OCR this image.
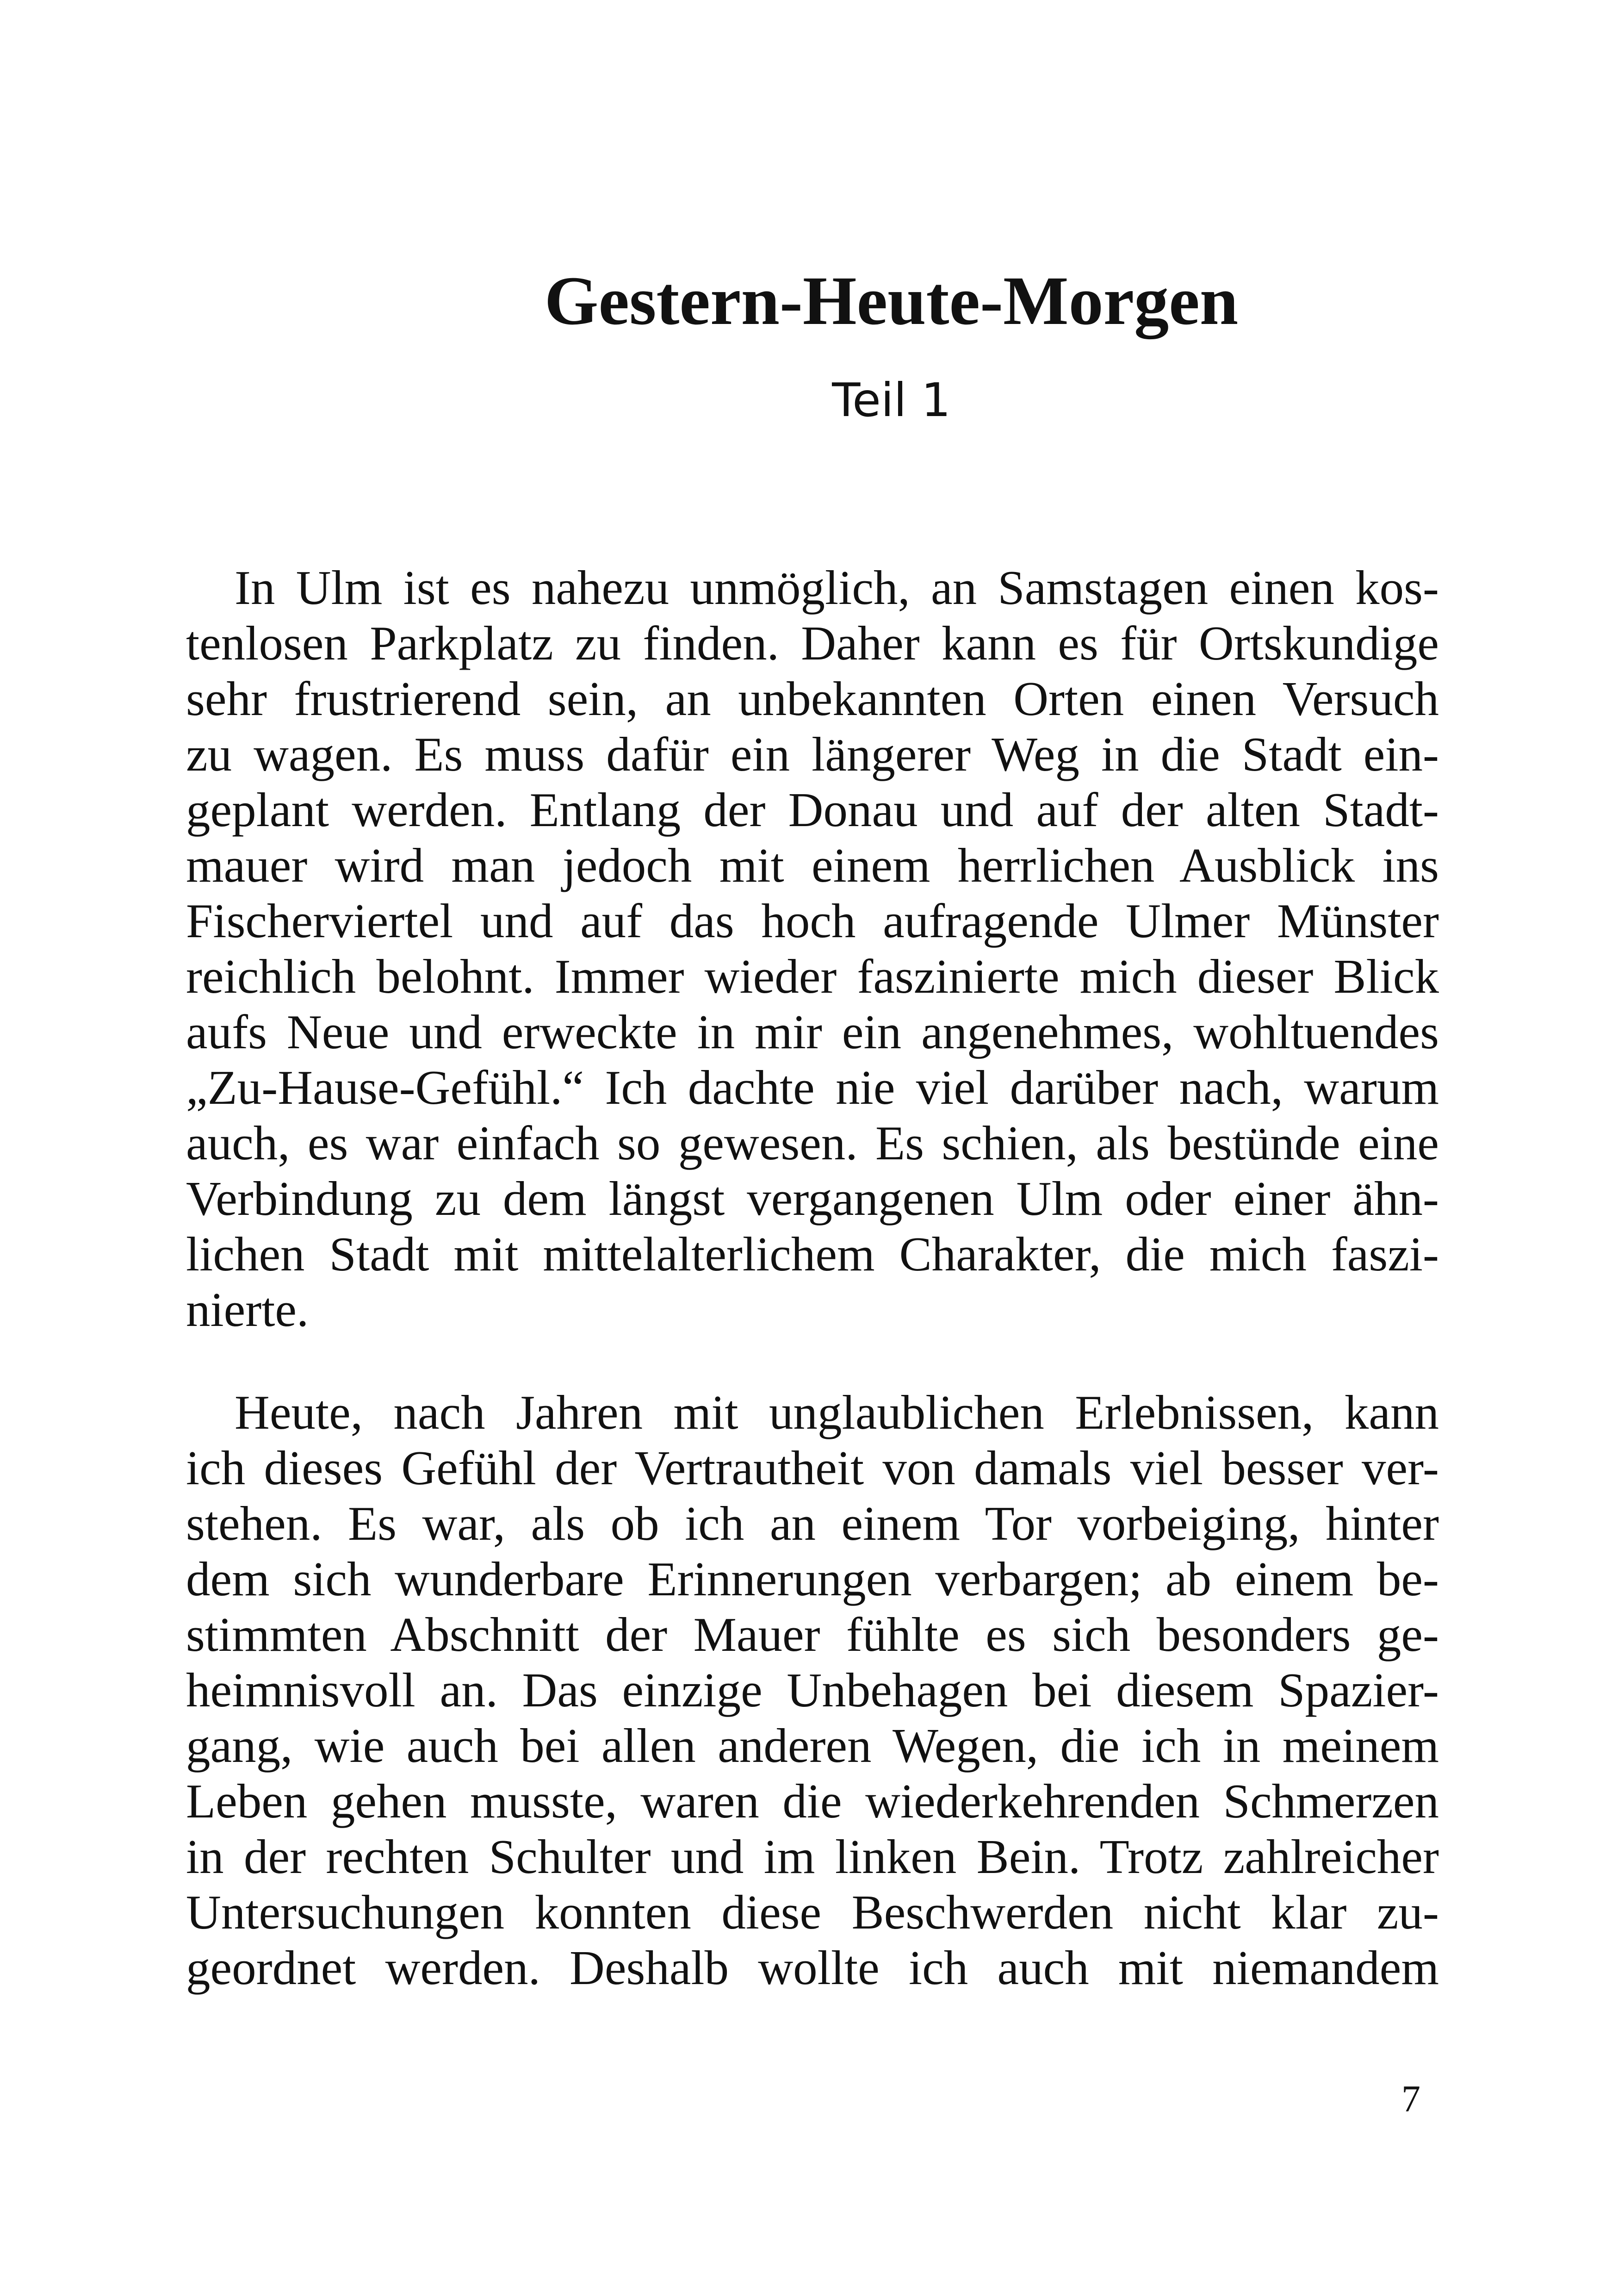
Gestern-Heute-Morgen
Teil 1

In Ulm ist es nahezu unmöglich, an Samstagen einen kos-
tenlosen Parkplatz zu finden. Daher kann es für Ortskundige
sehr frustrierend sein, an unbekannten Orten einen Versuch
zu wagen. Es muss dafür ein längerer Weg in die Stadt ein-
geplant werden. Entlang der Donau und auf der alten Stadt-
mauer wird man jedoch mit einem herrlichen Ausblick ins
Fischerviertel und auf das hoch aufragende Ulmer Münster
reichlich belohnt. Immer wieder faszinierte mich dieser Blick
aufs Neue und erweckte in mir ein angenehmes, wohltuendes
„Zu-Hause-Gefühl.“ Ich dachte nie viel darüber nach, warum
auch, es war einfach so gewesen. Es schien, als bestünde eine
Verbindung zu dem längst vergangenen Ulm oder einer ähn-
lichen Stadt mit mittelalterlichem Charakter, die mich faszi-
nierte.

Heute, nach Jahren mit unglaublichen Erlebnissen, kann
ich dieses Gefühl der Vertrautheit von damals viel besser ver-
stehen. Es war, als ob ich an einem Tor vorbeiging, hinter
dem sich wunderbare Erinnerungen verbargen; ab einem be-
stimmten Abschnitt der Mauer fühlte es sich besonders ge-
heimnisvoll an. Das einzige Unbehagen bei diesem Spazier-
gang, wie auch bei allen anderen Wegen, die ich in meinem
Leben gehen musste, waren die wiederkehrenden Schmerzen
in der rechten Schulter und im linken Bein. Trotz zahlreicher
Untersuchungen konnten diese Beschwerden nicht klar zu-
geordnet werden. Deshalb wollte ich auch mit niemandem

7
